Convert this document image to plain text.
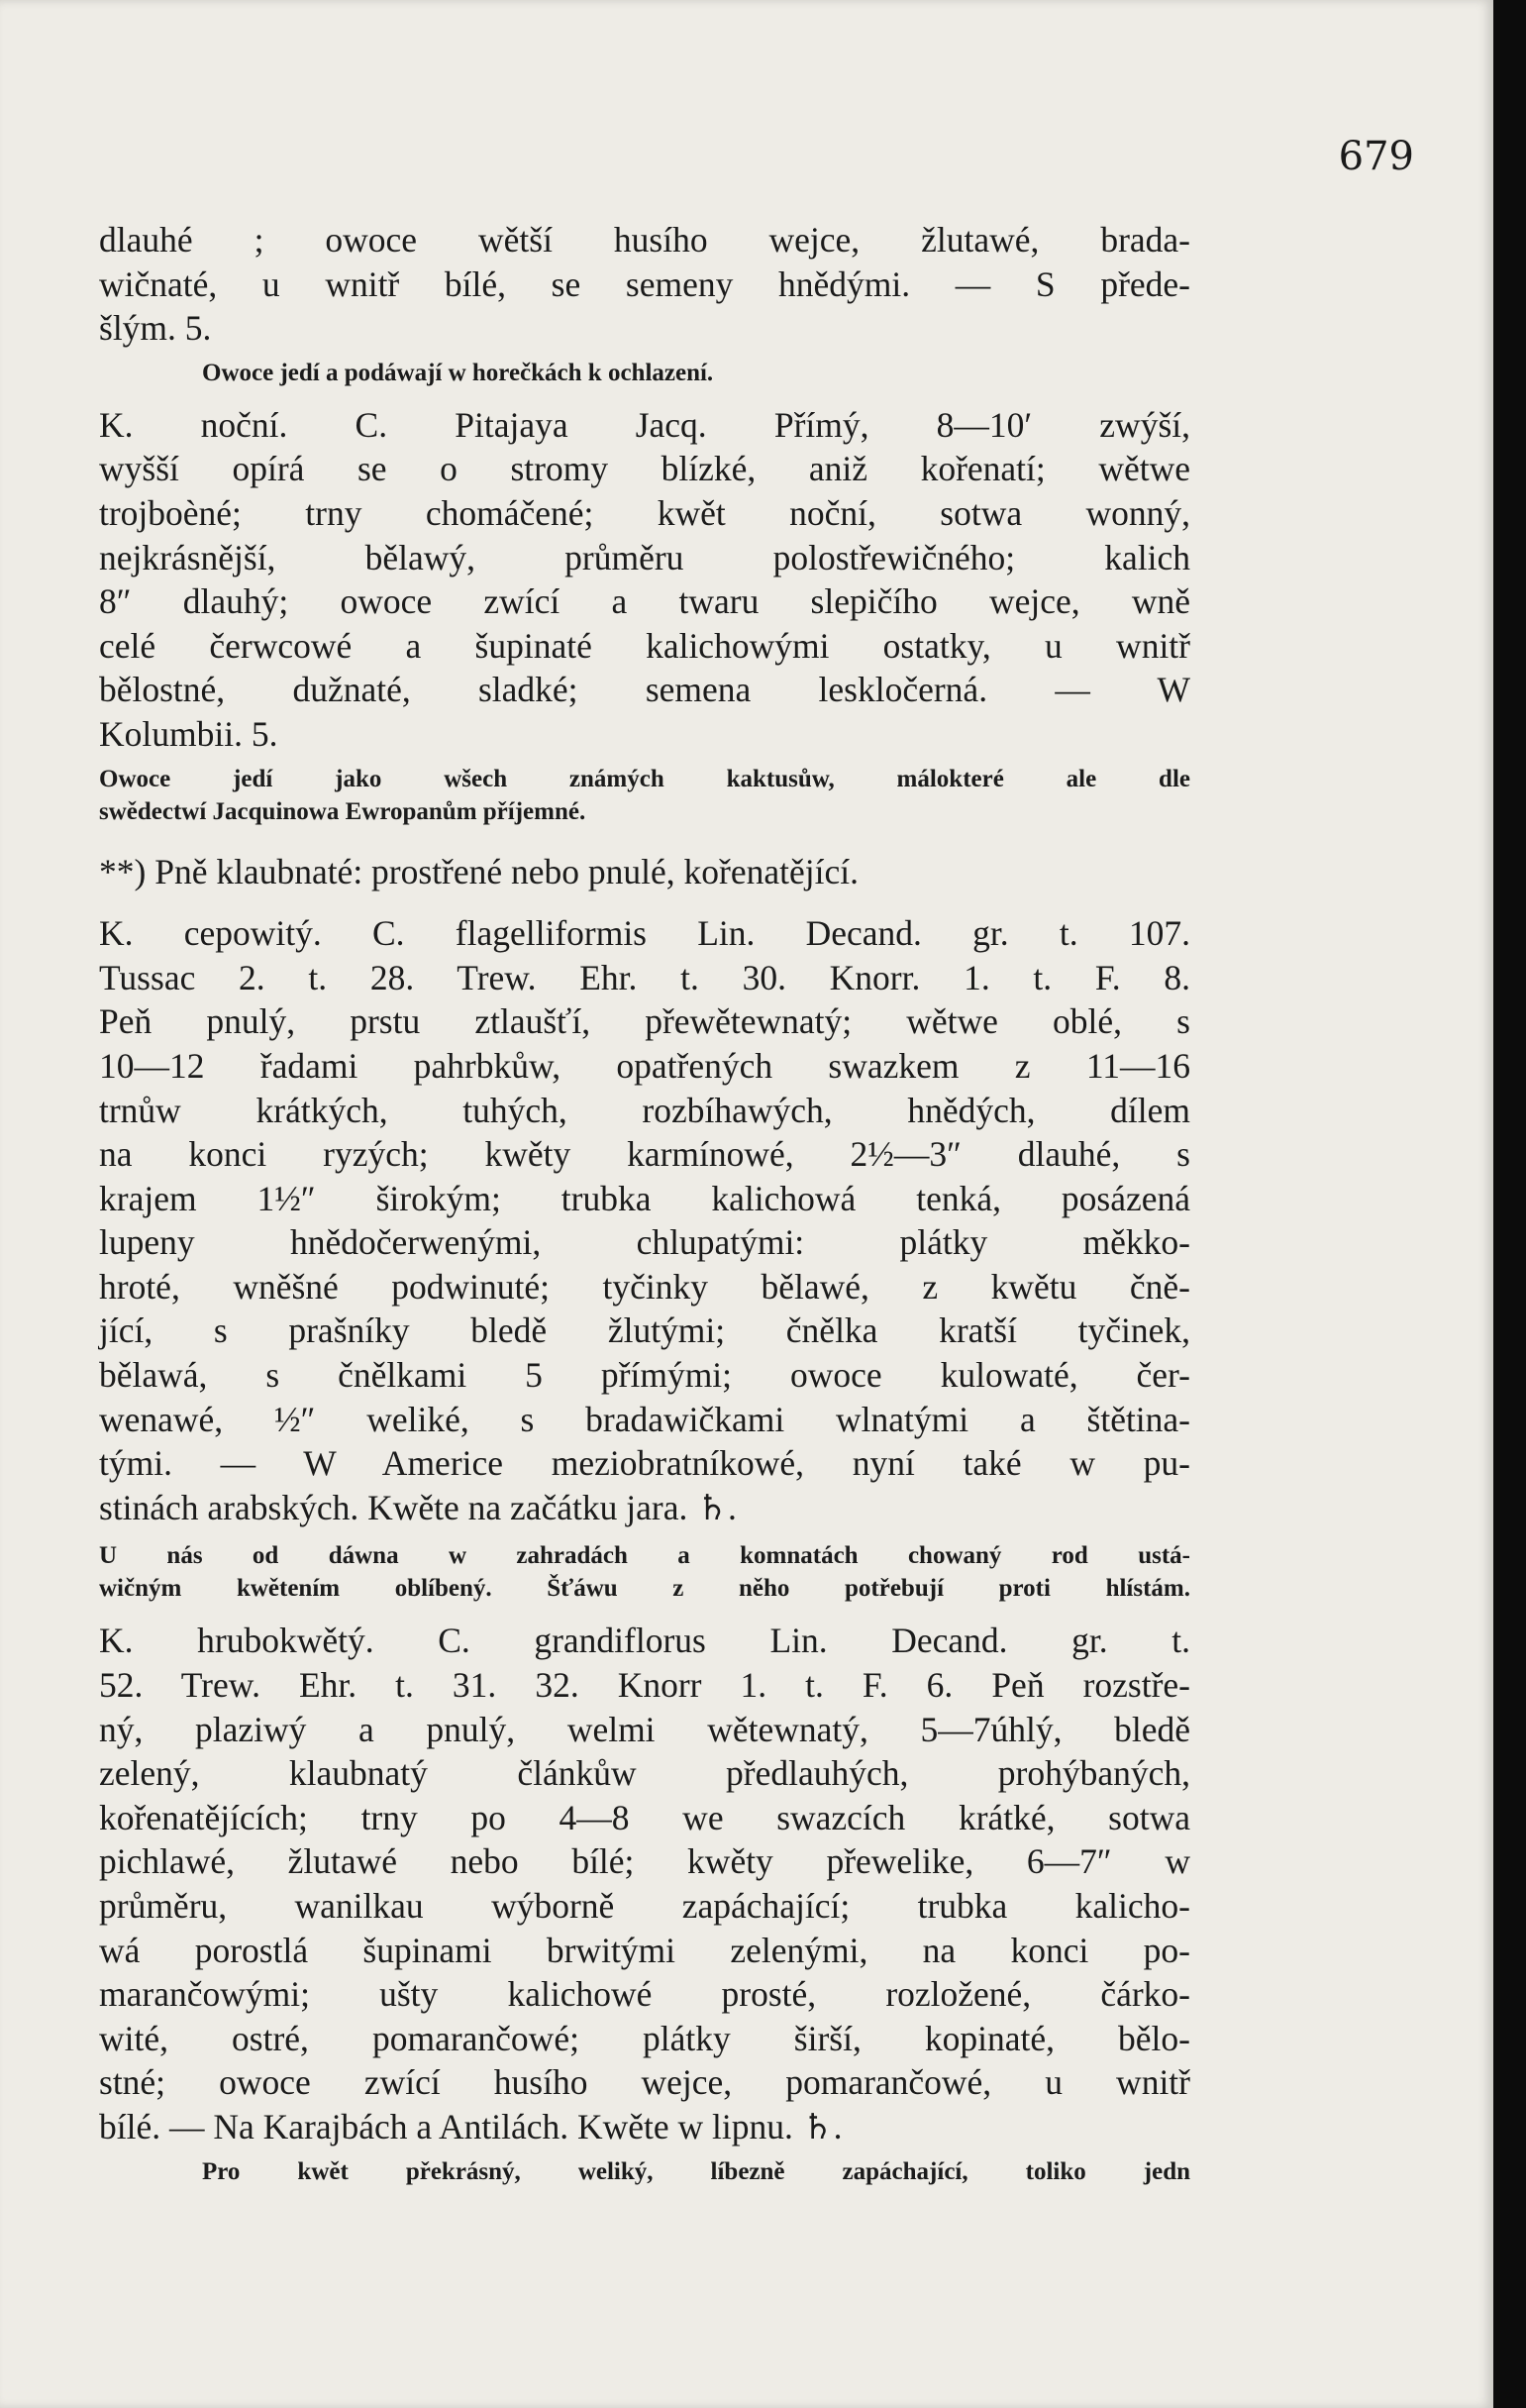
679
dlauhé ; owoce wětší husího wejce, žlutawé, brada-
wičnaté, u wnitř bílé, se semeny hnědými. — S přede-
šlým. 5.
Owoce jedí a podáwají w horečkách k ochlazení.
K. noční. C. Pitajaya Jacq. Přímý, 8—10′ zwýší,
wyšší opírá se o stromy blízké, aniž kořenatí; wětwe
trojboèné; trny chomáčené; kwět noční, sotwa wonný,
nejkrásnější, bělawý, průměru polostřewičného; kalich
8″ dlauhý; owoce zwící a twaru slepičího wejce, wně
celé čerwcowé a šupinaté kalichowými ostatky, u wnitř
bělostné, dužnaté, sladké; semena leskločerná. — W
Kolumbii. 5.
Owoce jedí jako wšech známých kaktusůw, málokteré ale dle
swědectwí Jacquinowa Ewropanům příjemné.
**) Pně klaubnaté: prostřené nebo pnulé, kořenatějící.
K. cepowitý. C. flagelliformis Lin. Decand. gr. t. 107.
Tussac 2. t. 28. Trew. Ehr. t. 30. Knorr. 1. t. F. 8.
Peň pnulý, prstu ztlaušťí, přewětewnatý; wětwe oblé, s
10—12 řadami pahrbkůw, opatřených swazkem z 11—16
trnůw krátkých, tuhých, rozbíhawých, hnědých, dílem
na konci ryzých; kwěty karmínowé, 2½—3″ dlauhé, s
krajem 1½″ širokým; trubka kalichowá tenká, posázená
lupeny hnědočerwenými, chlupatými: plátky měkko-
hroté, wněšné podwinuté; tyčinky bělawé, z kwětu čně-
jící, s prašníky bledě žlutými; čnělka kratší tyčinek,
bělawá, s čnělkami 5 přímými; owoce kulowaté, čer-
wenawé, ½″ weliké, s bradawičkami wlnatými a štětina-
tými. — W Americe meziobratníkowé, nyní také w pu-
stinách arabských. Kwěte na začátku jara. ♄.
U nás od dáwna w zahradách a komnatách chowaný rod ustá-
wičným kwětením oblíbený. Šťáwu z něho potřebují proti hlístám.
K. hrubokwětý. C. grandiflorus Lin. Decand. gr. t.
52. Trew. Ehr. t. 31. 32. Knorr 1. t. F. 6. Peň rozstře-
ný, plaziwý a pnulý, welmi wětewnatý, 5—7úhlý, bledě
zelený, klaubnatý článkůw předlauhých, prohýbaných,
kořenatějících; trny po 4—8 we swazcích krátké, sotwa
pichlawé, žlutawé nebo bílé; kwěty přewelike, 6—7″ w
průměru, wanilkau wýborně zapáchající; trubka kalicho-
wá porostlá šupinami brwitými zelenými, na konci po-
marančowými; ušty kalichowé prosté, rozložené, čárko-
wité, ostré, pomarančowé; plátky širší, kopinaté, bělo-
stné; owoce zwící husího wejce, pomarančowé, u wnitř
bílé. — Na Karajbách a Antilách. Kwěte w lipnu. ♄.
Pro kwět překrásný, weliký, líbezně zapáchající, toliko jedn
